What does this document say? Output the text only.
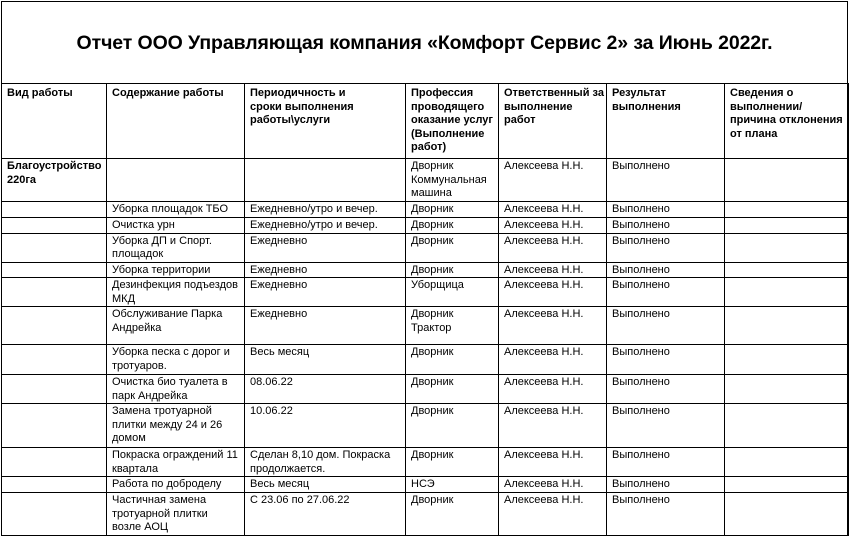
Отчет ООО Управляющая компания «Комфорт Сервис 2» за Июнь 2022г.
Вид работы	Содержание работы	Периодичность и сроки выполнения работы\услуги	Профессия проводящего оказание услуг (Выполнение работ)	Ответственный за выполнение работ	Результат выполнения	Сведения о выполнении/ причина отклонения от плана
Благоустройство 220га			Дворник Коммунальная машина	Алексеева Н.Н.	Выполнено	
	Уборка площадок ТБО	Ежедневно/утро и вечер.	Дворник	Алексеева Н.Н.	Выполнено	
	Очистка урн	Ежедневно/утро и вечер.	Дворник	Алексеева Н.Н.	Выполнено	
	Уборка ДП и Спорт. площадок	Ежедневно	Дворник	Алексеева Н.Н.	Выполнено	
	Уборка территории	Ежедневно	Дворник	Алексеева Н.Н.	Выполнено	
	Дезинфекция подъездов МКД	Ежедневно	Уборщица	Алексеева Н.Н.	Выполнено	
	Обслуживание Парка Андрейка	Ежедневно	Дворник Трактор	Алексеева Н.Н.	Выполнено	
	Уборка песка с дорог и тротуаров.	Весь месяц	Дворник	Алексеева Н.Н.	Выполнено	
	Очистка био туалета в парк Андрейка	08.06.22	Дворник	Алексеева Н.Н.	Выполнено	
	Замена тротуарной плитки между 24 и 26 домом	10.06.22	Дворник	Алексеева Н.Н.	Выполнено	
	Покраска ограждений 11 квартала	Сделан 8,10 дом. Покраска продолжается.	Дворник	Алексеева Н.Н.	Выполнено	
	Работа по доброделу	Весь месяц	НСЭ	Алексеева Н.Н.	Выполнено	
	Частичная замена тротуарной плитки возле АОЦ	С 23.06 по 27.06.22	Дворник	Алексеева Н.Н.	Выполнено	
